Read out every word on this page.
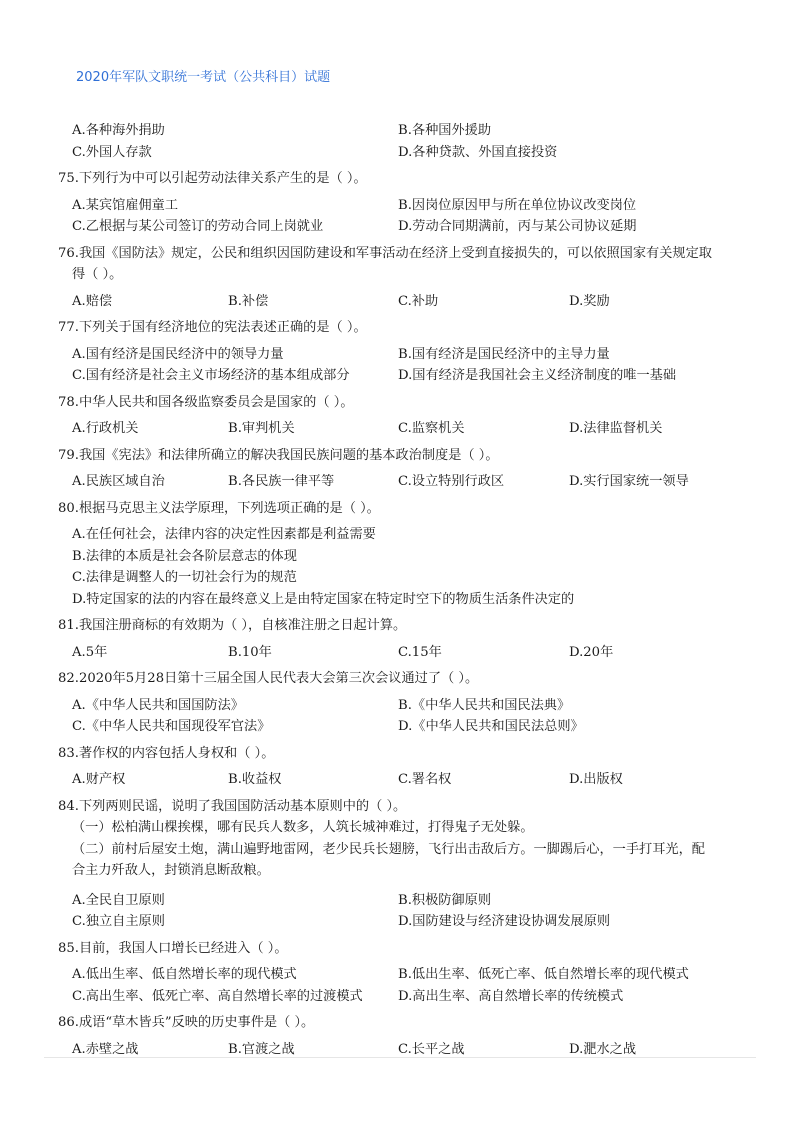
2020年军队文职统一考试（公共科目）试题
A.各种海外捐助	B.各种国外援助
C.外国人存款	D.各种贷款、外国直接投资
75.下列行为中可以引起劳动法律关系产生的是（ ）。
A.某宾馆雇佣童工	B.因岗位原因甲与所在单位协议改变岗位
C.乙根据与某公司签订的劳动合同上岗就业	D.劳动合同期满前，丙与某公司协议延期
76.我国《国防法》规定，公民和组织因国防建设和军事活动在经济上受到直接损失的，可以依照国家有关规定取
得（ ）。
A.赔偿	B.补偿	C.补助	D.奖励
77.下列关于国有经济地位的宪法表述正确的是（ ）。
A.国有经济是国民经济中的领导力量	B.国有经济是国民经济中的主导力量
C.国有经济是社会主义市场经济的基本组成部分	D.国有经济是我国社会主义经济制度的唯一基础
78.中华人民共和国各级监察委员会是国家的（ ）。
A.行政机关	B.审判机关	C.监察机关	D.法律监督机关
79.我国《宪法》和法律所确立的解决我国民族问题的基本政治制度是（ ）。
A.民族区域自治	B.各民族一律平等	C.设立特别行政区	D.实行国家统一领导
80.根据马克思主义法学原理，下列选项正确的是（ ）。
A.在任何社会，法律内容的决定性因素都是利益需要
B.法律的本质是社会各阶层意志的体现
C.法律是调整人的一切社会行为的规范
D.特定国家的法的内容在最终意义上是由特定国家在特定时空下的物质生活条件决定的
81.我国注册商标的有效期为（ ），自核准注册之日起计算。
A.5年	B.10年	C.15年	D.20年
82.2020年5月28日第十三届全国人民代表大会第三次会议通过了（ ）。
A.《中华人民共和国国防法》	B.《中华人民共和国民法典》
C.《中华人民共和国现役军官法》	D.《中华人民共和国民法总则》
83.著作权的内容包括人身权和（ ）。
A.财产权	B.收益权	C.署名权	D.出版权
84.下列两则民谣，说明了我国国防活动基本原则中的（ ）。
（一）松柏满山棵挨棵，哪有民兵人数多，人筑长城神难过，打得鬼子无处躲。
（二）前村后屋安土炮，满山遍野地雷网，老少民兵长翅膀，飞行出击敌后方。一脚踢后心，一手打耳光，配
合主力歼敌人，封锁消息断敌粮。
A.全民自卫原则	B.积极防御原则
C.独立自主原则	D.国防建设与经济建设协调发展原则
85.目前，我国人口增长已经进入（ ）。
A.低出生率、低自然增长率的现代模式	B.低出生率、低死亡率、低自然增长率的现代模式
C.高出生率、低死亡率、高自然增长率的过渡模式	D.高出生率、高自然增长率的传统模式
86.成语“草木皆兵”反映的历史事件是（ ）。
A.赤壁之战	B.官渡之战	C.长平之战	D.淝水之战
